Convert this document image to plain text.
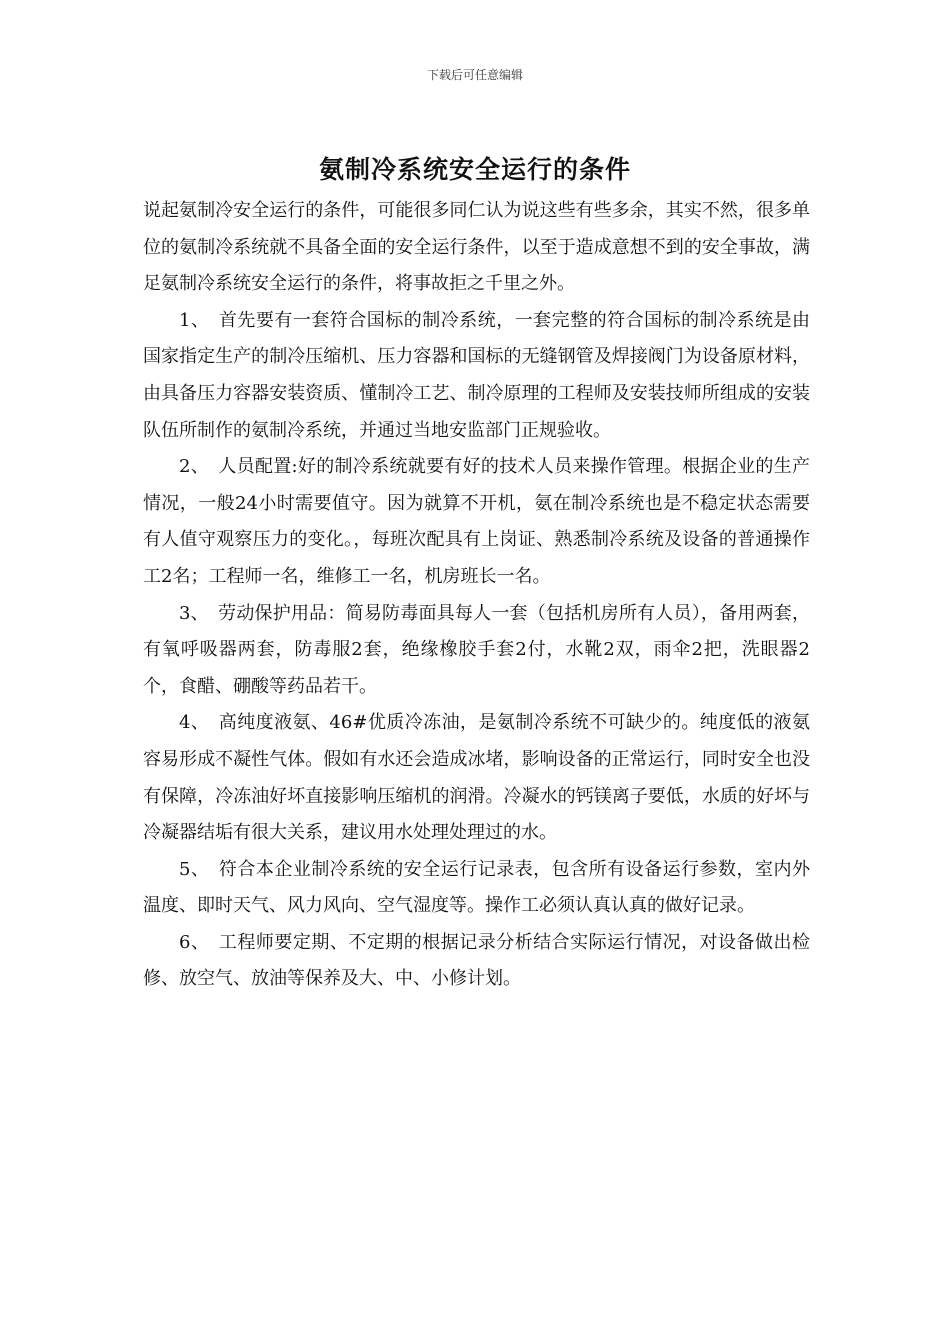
下载后可任意编辑
氨制冷系统安全运行的条件

说起氨制冷安全运行的条件，可能很多同仁认为说这些有些多余，其实不然，很多单位的氨制冷系统就不具备全面的安全运行条件，以至于造成意想不到的安全事故，满足氨制冷系统安全运行的条件，将事故拒之千里之外。

1、　首先要有一套符合国标的制冷系统，一套完整的符合国标的制冷系统是由国家指定生产的制冷压缩机、压力容器和国标的无缝钢管及焊接阀门为设备原材料，由具备压力容器安装资质、懂制冷工艺、制冷原理的工程师及安装技师所组成的安装队伍所制作的氨制冷系统，并通过当地安监部门正规验收。

2、　人员配置:好的制冷系统就要有好的技术人员来操作管理。根据企业的生产情况，一般24小时需要值守。因为就算不开机，氨在制冷系统也是不稳定状态需要有人值守观察压力的变化。，每班次配具有上岗证、熟悉制冷系统及设备的普通操作工2名；工程师一名，维修工一名，机房班长一名。

3、　劳动保护用品：简易防毒面具每人一套（包括机房所有人员），备用两套，有氧呼吸器两套，防毒服2套，绝缘橡胶手套2付，水靴2双，雨伞2把，洗眼器2个，食醋、硼酸等药品若干。

4、　高纯度液氨、46#优质冷冻油，是氨制冷系统不可缺少的。纯度低的液氨容易形成不凝性气体。假如有水还会造成冰堵，影响设备的正常运行，同时安全也没有保障，冷冻油好坏直接影响压缩机的润滑。冷凝水的钙镁离子要低，水质的好坏与冷凝器结垢有很大关系，建议用水处理处理过的水。

5、　符合本企业制冷系统的安全运行记录表，包含所有设备运行参数，室内外温度、即时天气、风力风向、空气湿度等。操作工必须认真认真的做好记录。

6、　工程师要定期、不定期的根据记录分析结合实际运行情况，对设备做出检修、放空气、放油等保养及大、中、小修计划。
